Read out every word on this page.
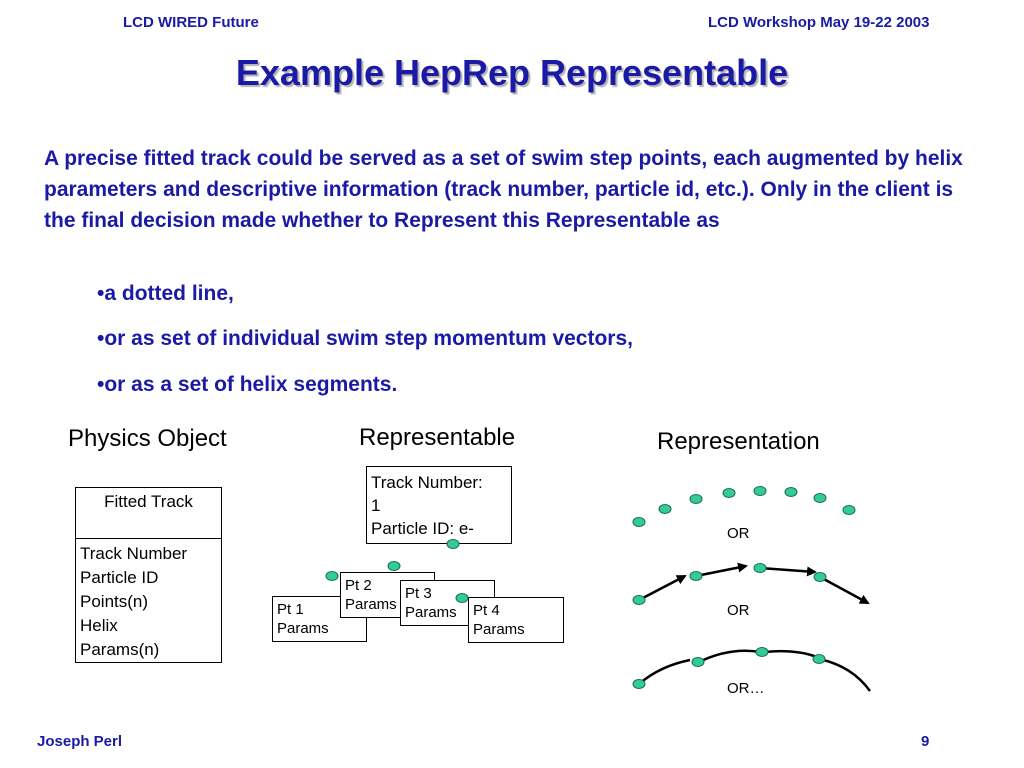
LCD WIRED Future	LCD Workshop May 19-22 2003
Example HepRep Representable
A precise fitted track could be served as a set of swim step points, each augmented by helix parameters and descriptive information (track number, particle id, etc.). Only in the client is the final decision made whether to Represent this Representable as
•a dotted line,
•or as set of individual swim step momentum vectors,
•or as a set of helix segments.
Physics Object	Representable	Representation
Fitted Track
Track Number
Particle ID
Points(n)
Helix
Params(n)
Track Number:
1
Particle ID: e-
Pt 1
Params
Pt 2
Params
Pt 3
Params	Pt 4
Params
OR
OR
OR…
Joseph Perl	9
